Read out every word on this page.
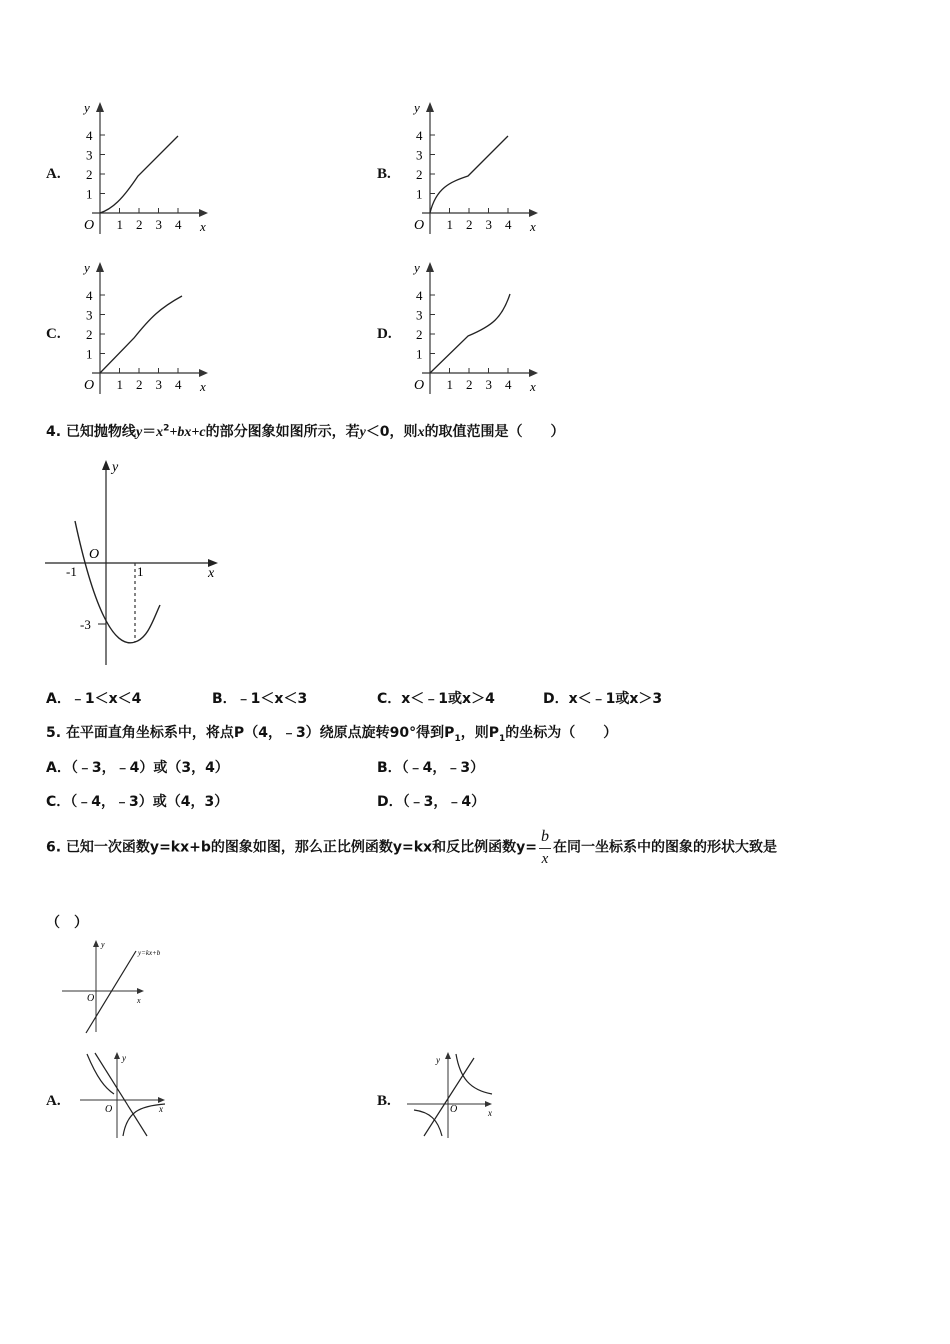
A.	B.
C.	D.
1
1
2
2
3
3
4
4
O	x
y
1
1
2
2
3
3
4
4
O	x
y
1
1
2
2
3
3
4
4
O	x
y
1
1
2
2
3
3
4
4
O	x
y
4. 已知抛物线$y=x^2+bx+c$的部分图象如图所示，若y＜0，则x的取值范围是（　　）
y
x
O
-1	1
-3
A．﹣1＜x＜4	B．﹣1＜x＜3	C．x＜﹣1或x＞4	D．x＜﹣1或x＞3
5. 在平面直角坐标系中，将点P（4，﹣3）绕原点旋转90°得到$P_1$，则$P_1$的坐标为（　　）
A．（﹣3，﹣4）或（3，4）	B．（﹣4，﹣3）
C．（﹣4，﹣3）或（4，3）	D．（﹣3，﹣4）
6. 已知一次函数y=kx+b的图象如图，那么正比例函数y=kx和反比例函数$y= \frac{b}{x}$ 在同一坐标系中的图象的形状大致是
（　）
y
x
O
y=kx+b
A.	B.
y
x
O
y
x
O
